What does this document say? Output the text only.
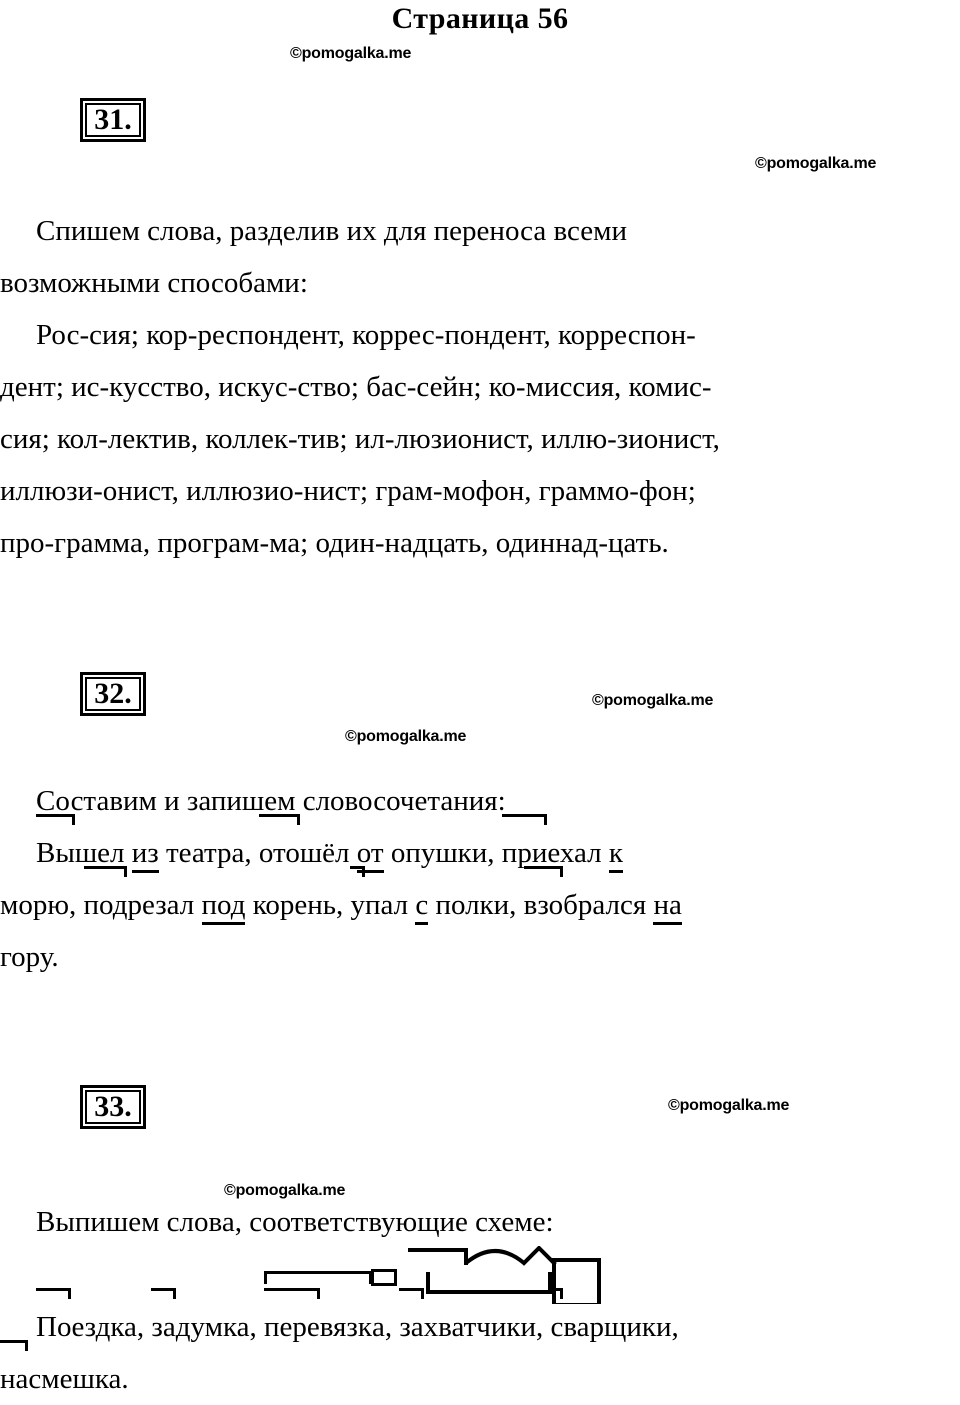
Страница 56
©pomogalka.me
©pomogalka.me
©pomogalka.me
©pomogalka.me
©pomogalka.me
©pomogalka.me
31.
Спишем слова, разделив их для переноса всеми
возможными способами:
Рос-сия; кор-респондент, коррес-пондент, корреспон-
дент; ис-кусство, искус-ство; бас-сейн; ко-миссия, комис-
сия; кол-лектив, коллек-тив; ил-люзионист, иллю-зионист,
иллюзи-онист, иллюзио-нист; грам-мофон, граммо-фон;
про-грамма, програм-ма; один-надцать, одиннад-цать.
32.
Составим и запишем словосочетания:
Вышел из театра, отошёл от опушки, приехал к
морю, подрезал под корень, упал с полки, взобрался на
гору.
33.
Выпишем слова, соответствующие схеме:
Поездка, задумка, перевязка, захватчики, сварщики,
насмешка.
